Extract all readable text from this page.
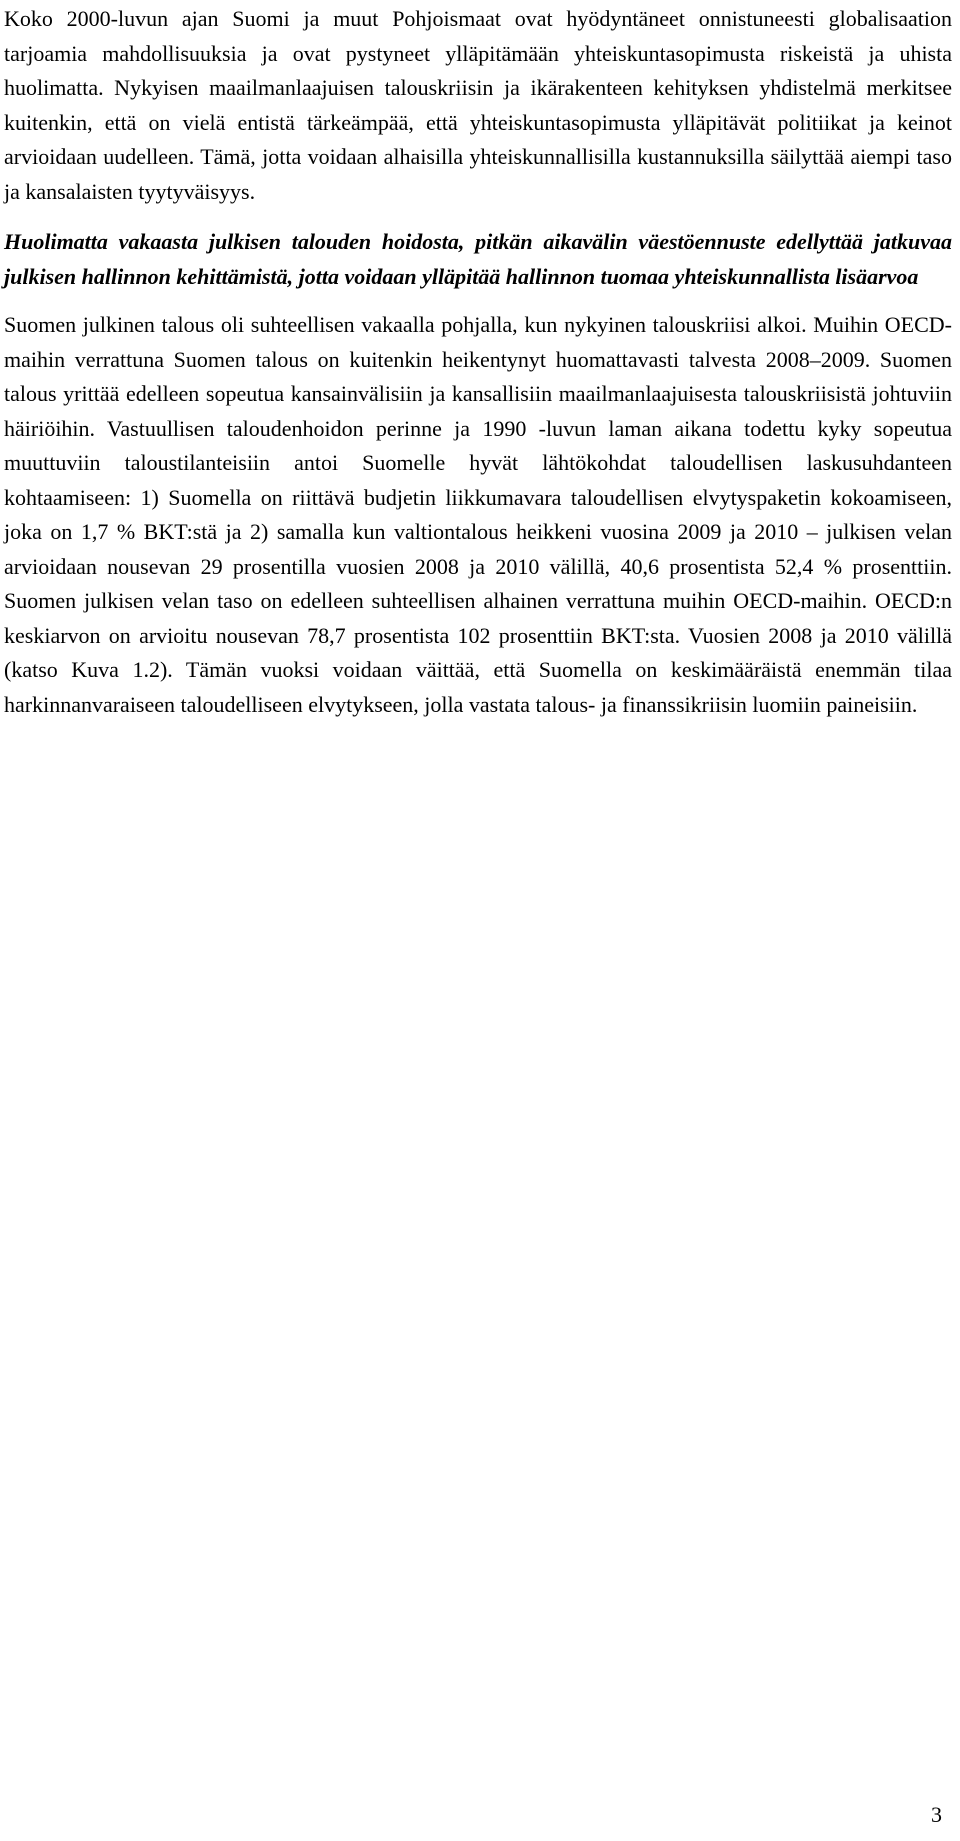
Koko 2000-luvun ajan Suomi ja muut Pohjoismaat ovat hyödyntäneet onnistuneesti globalisaation tarjoamia mahdollisuuksia ja ovat pystyneet ylläpitämään yhteiskuntasopimusta riskeistä ja uhista huolimatta. Nykyisen maailmanlaajuisen talouskriisin ja ikärakenteen kehityksen yhdistelmä merkitsee kuitenkin, että on vielä entistä tärkeämpää, että yhteiskuntasopimusta ylläpitävät politiikat ja keinot arvioidaan uudelleen. Tämä, jotta voidaan alhaisilla yhteiskunnallisilla kustannuksilla säilyttää aiempi taso ja kansalaisten tyytyväisyys.

Huolimatta vakaasta julkisen talouden hoidosta, pitkän aikavälin väestöennuste edellyttää jatkuvaa julkisen hallinnon kehittämistä, jotta voidaan ylläpitää hallinnon tuomaa yhteiskunnallista lisäarvoa

Suomen julkinen talous oli suhteellisen vakaalla pohjalla, kun nykyinen talouskriisi alkoi. Muihin OECD-maihin verrattuna Suomen talous on kuitenkin heikentynyt huomattavasti talvesta 2008–2009. Suomen talous yrittää edelleen sopeutua kansainvälisiin ja kansallisiin maailmanlaajuisesta talouskriisistä johtuviin häiriöihin. Vastuullisen taloudenhoidon perinne ja 1990 -luvun laman aikana todettu kyky sopeutua muuttuviin taloustilanteisiin antoi Suomelle hyvät lähtökohdat taloudellisen laskusuhdanteen kohtaamiseen: 1) Suomella on riittävä budjetin liikkumavara taloudellisen elvytyspaketin kokoamiseen, joka on 1,7 % BKT:stä ja 2) samalla kun valtiontalous heikkeni vuosina 2009 ja 2010 – julkisen velan arvioidaan nousevan 29 prosentilla vuosien 2008 ja 2010 välillä, 40,6 prosentista 52,4 % prosenttiin. Suomen julkisen velan taso on edelleen suhteellisen alhainen verrattuna muihin OECD-maihin. OECD:n keskiarvon on arvioitu nousevan 78,7 prosentista 102 prosenttiin BKT:sta. Vuosien 2008 ja 2010 välillä (katso Kuva 1.2). Tämän vuoksi voidaan väittää, että Suomella on keskimääräistä enemmän tilaa harkinnanvaraiseen taloudelliseen elvytykseen, jolla vastata talous- ja finanssikriisin luomiin paineisiin.

3
